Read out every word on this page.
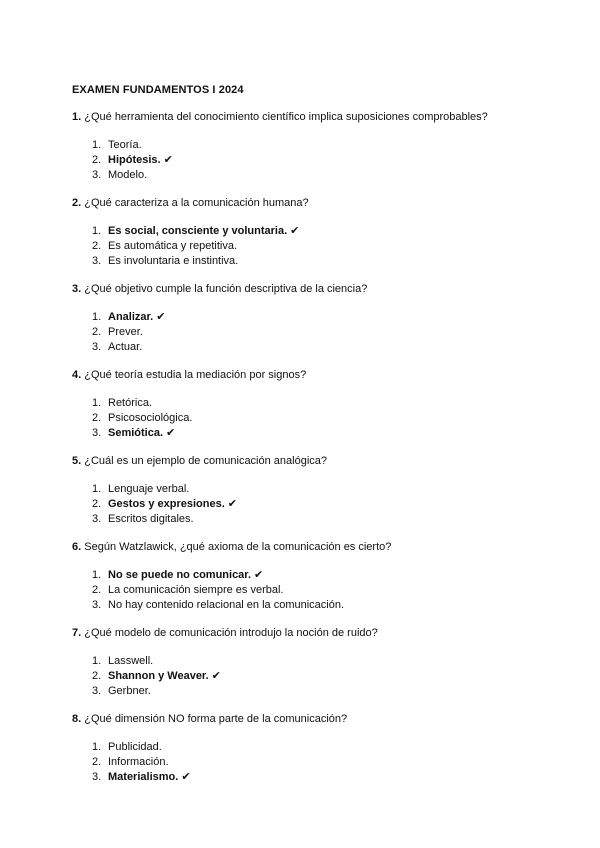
EXAMEN FUNDAMENTOS I 2024

1. ¿Qué herramienta del conocimiento científico implica suposiciones comprobables?

1. Teoría.
2. Hipótesis. ✔
3. Modelo.

2. ¿Qué caracteriza a la comunicación humana?

1. Es social, consciente y voluntaria. ✔
2. Es automática y repetitiva.
3. Es involuntaria e instintiva.

3. ¿Qué objetivo cumple la función descriptiva de la ciencia?

1. Analizar. ✔
2. Prever.
3. Actuar.

4. ¿Qué teoría estudia la mediación por signos?

1. Retórica.
2. Psicosociológica.
3. Semiótica. ✔

5. ¿Cuál es un ejemplo de comunicación analógica?

1. Lenguaje verbal.
2. Gestos y expresiones. ✔
3. Escritos digitales.

6. Según Watzlawick, ¿qué axioma de la comunicación es cierto?

1. No se puede no comunicar. ✔
2. La comunicación siempre es verbal.
3. No hay contenido relacional en la comunicación.

7. ¿Qué modelo de comunicación introdujo la noción de ruido?

1. Lasswell.
2. Shannon y Weaver. ✔
3. Gerbner.

8. ¿Qué dimensión NO forma parte de la comunicación?

1. Publicidad.
2. Información.
3. Materialismo. ✔
